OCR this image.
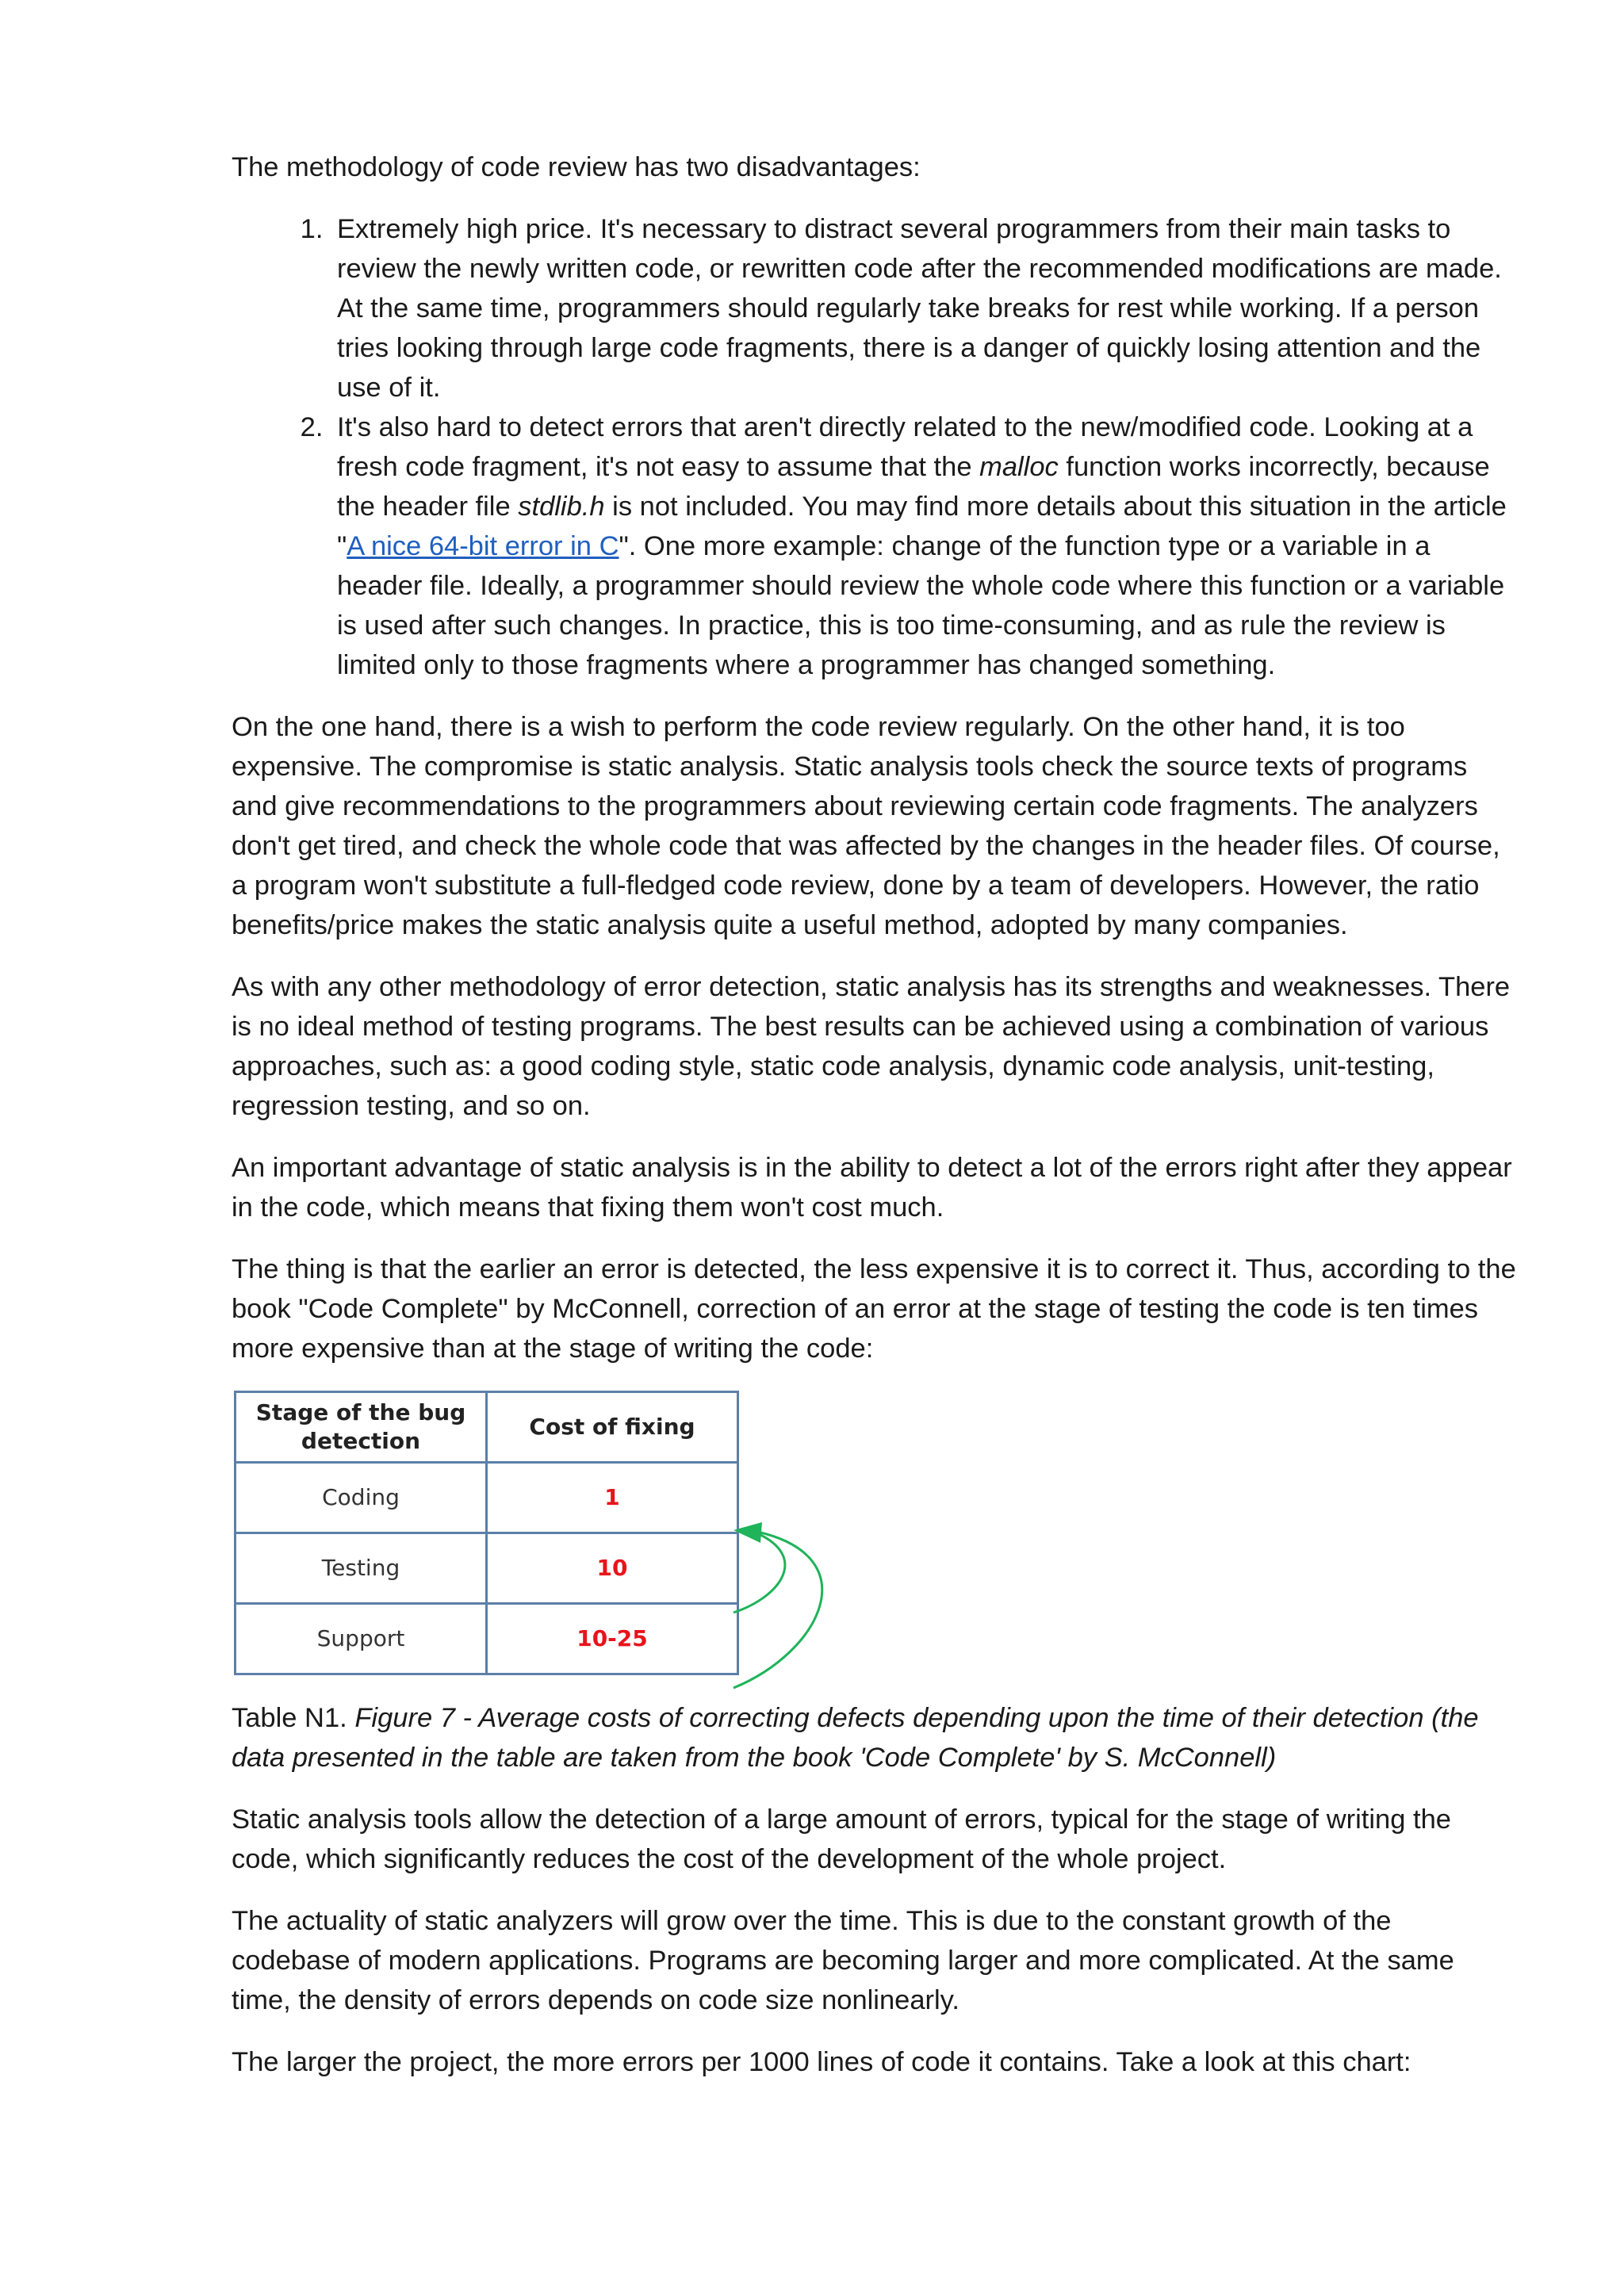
The methodology of code review has two disadvantages:

1. Extremely high price. It's necessary to distract several programmers from their main tasks to review the newly written code, or rewritten code after the recommended modifications are made. At the same time, programmers should regularly take breaks for rest while working. If a person tries looking through large code fragments, there is a danger of quickly losing attention and the use of it.
2. It's also hard to detect errors that aren't directly related to the new/modified code. Looking at a fresh code fragment, it's not easy to assume that the malloc function works incorrectly, because the header file stdlib.h is not included. You may find more details about this situation in the article "A nice 64-bit error in C". One more example: change of the function type or a variable in a header file. Ideally, a programmer should review the whole code where this function or a variable is used after such changes. In practice, this is too time-consuming, and as rule the review is limited only to those fragments where a programmer has changed something.

On the one hand, there is a wish to perform the code review regularly. On the other hand, it is too expensive. The compromise is static analysis. Static analysis tools check the source texts of programs and give recommendations to the programmers about reviewing certain code fragments. The analyzers don't get tired, and check the whole code that was affected by the changes in the header files. Of course, a program won't substitute a full-fledged code review, done by a team of developers. However, the ratio benefits/price makes the static analysis quite a useful method, adopted by many companies.

As with any other methodology of error detection, static analysis has its strengths and weaknesses. There is no ideal method of testing programs. The best results can be achieved using a combination of various approaches, such as: a good coding style, static code analysis, dynamic code analysis, unit-testing, regression testing, and so on.

An important advantage of static analysis is in the ability to detect a lot of the errors right after they appear in the code, which means that fixing them won't cost much.

The thing is that the earlier an error is detected, the less expensive it is to correct it. Thus, according to the book "Code Complete" by McConnell, correction of an error at the stage of testing the code is ten times more expensive than at the stage of writing the code:

Stage of the bug detection	Cost of fixing
Coding	1
Testing	10
Support	10-25

Table N1. Figure 7 - Average costs of correcting defects depending upon the time of their detection (the data presented in the table are taken from the book 'Code Complete' by S. McConnell)

Static analysis tools allow the detection of a large amount of errors, typical for the stage of writing the code, which significantly reduces the cost of the development of the whole project.

The actuality of static analyzers will grow over the time. This is due to the constant growth of the codebase of modern applications. Programs are becoming larger and more complicated. At the same time, the density of errors depends on code size nonlinearly.

The larger the project, the more errors per 1000 lines of code it contains. Take a look at this chart:
